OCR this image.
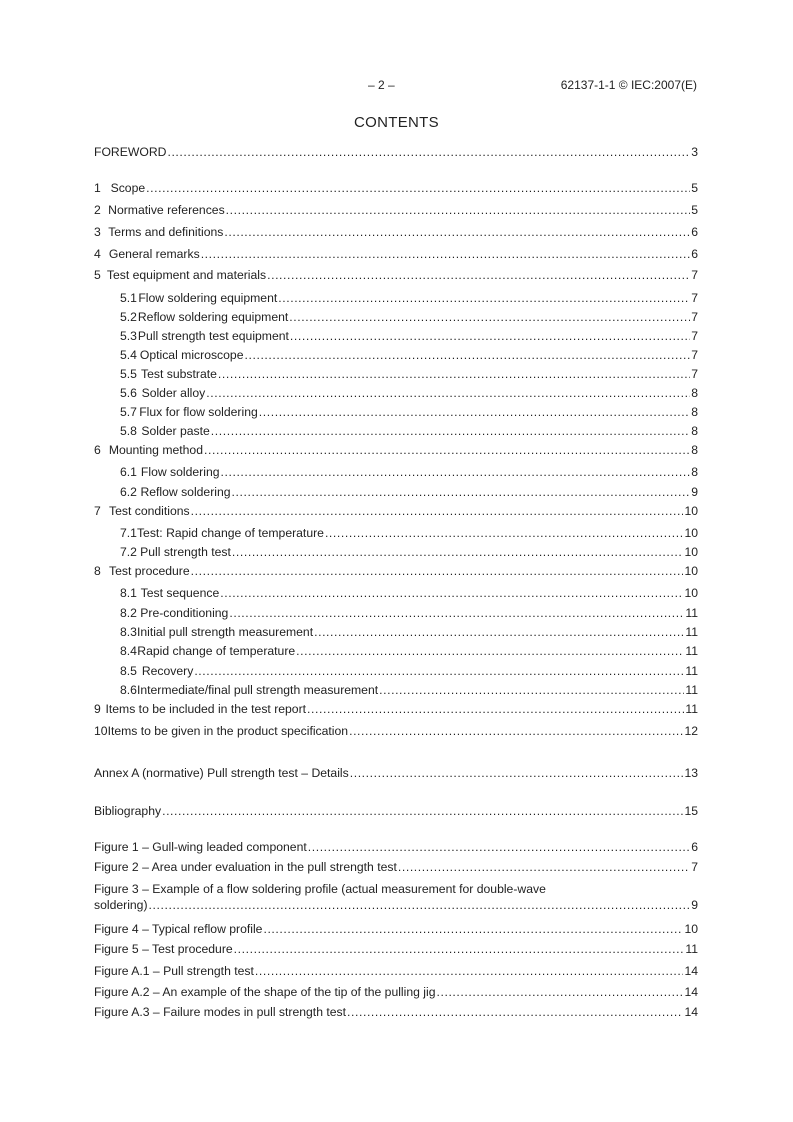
– 2 –	62137-1-1 © IEC:2007(E)
CONTENTS
FOREWORD .....	3
1 Scope .....	5
2 Normative references .....	5
3 Terms and definitions .....	6
4 General remarks .....	6
5 Test equipment and materials .....	7
5.1 Flow soldering equipment .....	7
5.2 Reflow soldering equipment .....	7
5.3 Pull strength test equipment .....	7
5.4 Optical microscope .....	7
5.5 Test substrate .....	7
5.6 Solder alloy .....	8
5.7 Flux for flow soldering .....	8
5.8 Solder paste .....	8
6 Mounting method .....	8
6.1 Flow soldering .....	8
6.2 Reflow soldering .....	9
7 Test conditions .....	10
7.1 Test: Rapid change of temperature .....	10
7.2 Pull strength test .....	10
8 Test procedure .....	10
8.1 Test sequence .....	10
8.2 Pre-conditioning .....	11
8.3 Initial pull strength measurement .....	11
8.4 Rapid change of temperature .....	11
8.5 Recovery .....	11
8.6 Intermediate/final pull strength measurement .....	11
9 Items to be included in the test report .....	11
10 Items to be given in the product specification .....	12
Annex A (normative) Pull strength test – Details .....	13
Bibliography .....	15
Figure 1 – Gull-wing leaded component .....	6
Figure 2 – Area under evaluation in the pull strength test .....	7
Figure 3 – Example of a flow soldering profile (actual measurement for double-wave
soldering) .....	9
Figure 4 – Typical reflow profile .....	10
Figure 5 – Test procedure .....	11
Figure A.1 – Pull strength test .....	14
Figure A.2 – An example of the shape of the tip of the pulling jig .....	14
Figure A.3 – Failure modes in pull strength test .....	14
